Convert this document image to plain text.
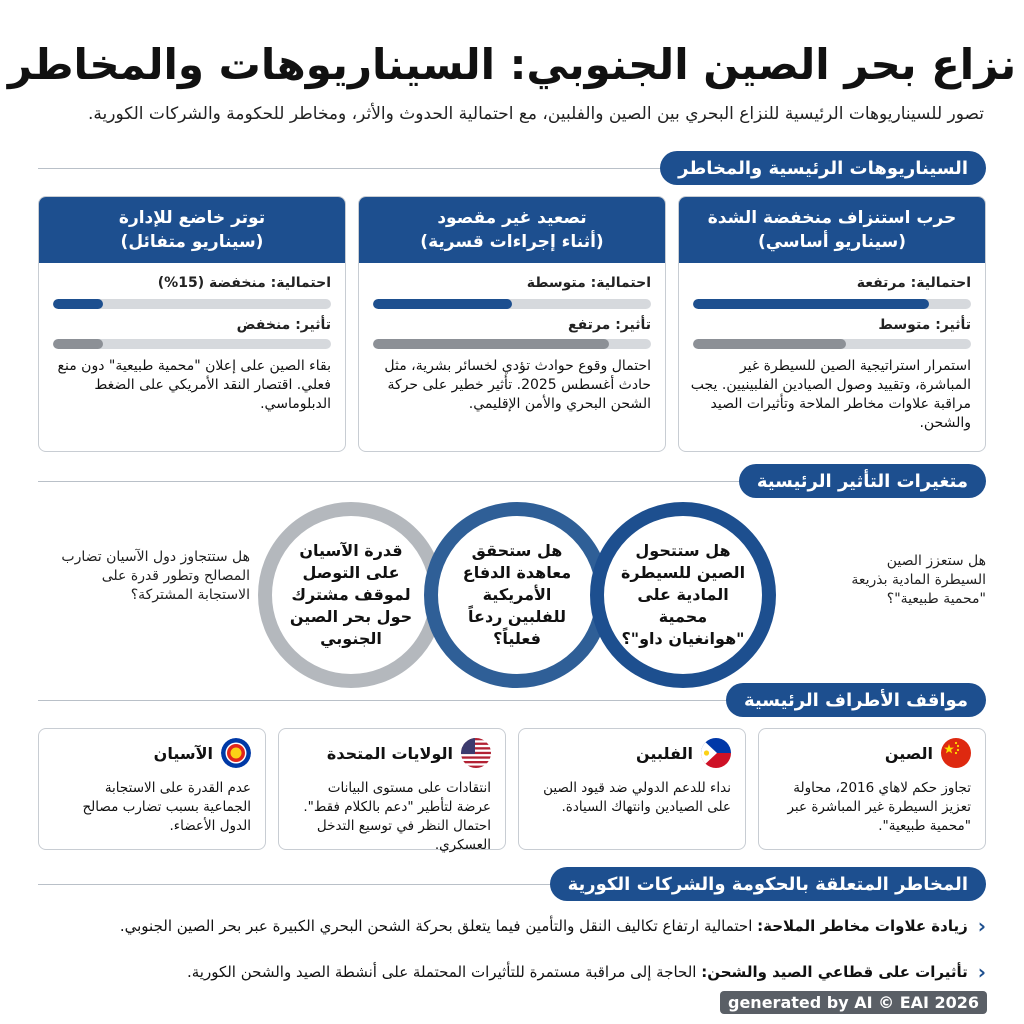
نزاع بحر الصين الجنوبي: السيناريوهات والمخاطر
تصور للسيناريوهات الرئيسية للنزاع البحري بين الصين والفلبين، مع احتمالية الحدوث والأثر، ومخاطر للحكومة والشركات الكورية.
السيناريوهات الرئيسية والمخاطر
حرب استنزاف منخفضة الشدة
(سيناريو أساسي)
احتمالية: مرتفعة
تأثير: متوسط
استمرار استراتيجية الصين للسيطرة غير المباشرة، وتقييد وصول الصيادين الفلبينيين. يجب مراقبة علاوات مخاطر الملاحة وتأثيرات الصيد والشحن.
تصعيد غير مقصود
(أثناء إجراءات قسرية)
احتمالية: متوسطة
تأثير: مرتفع
احتمال وقوع حوادث تؤدي لخسائر بشرية، مثل حادث أغسطس 2025. تأثير خطير على حركة الشحن البحري والأمن الإقليمي.
توتر خاضع للإدارة
(سيناريو متفائل)
احتمالية: منخفضة (15%)
تأثير: منخفض
بقاء الصين على إعلان "محمية طبيعية" دون منع فعلي. اقتصار النقد الأمريكي على الضغط الدبلوماسي.
متغيرات التأثير الرئيسية
هل ستعزز الصين السيطرة المادية بذريعة "محمية طبيعية"؟
قدرة الآسيان على التوصل لموقف مشترك حول بحر الصين الجنوبي
هل ستحقق معاهدة الدفاع الأمريكية للفلبين ردعاً فعلياً؟
هل ستتحول الصين للسيطرة المادية على محمية "هوانغيان داو"؟
هل ستتجاوز دول الآسيان تضارب المصالح وتطور قدرة على الاستجابة المشتركة؟
مواقف الأطراف الرئيسية
الصين
تجاوز حكم لاهاي 2016، محاولة تعزيز السيطرة غير المباشرة عبر "محمية طبيعية".
الفلبين
نداء للدعم الدولي ضد قيود الصين على الصيادين وانتهاك السيادة.
الولايات المتحدة
انتقادات على مستوى البيانات عرضة لتأطير "دعم بالكلام فقط". احتمال النظر في توسيع التدخل العسكري.
الآسيان
عدم القدرة على الاستجابة الجماعية بسبب تضارب مصالح الدول الأعضاء.
المخاطر المتعلقة بالحكومة والشركات الكورية
‹
زيادة علاوات مخاطر الملاحة: احتمالية ارتفاع تكاليف النقل والتأمين فيما يتعلق بحركة الشحن البحري الكبيرة عبر بحر الصين الجنوبي.
‹
تأثيرات على قطاعي الصيد والشحن: الحاجة إلى مراقبة مستمرة للتأثيرات المحتملة على أنشطة الصيد والشحن الكورية.
generated by AI © EAI 2026
